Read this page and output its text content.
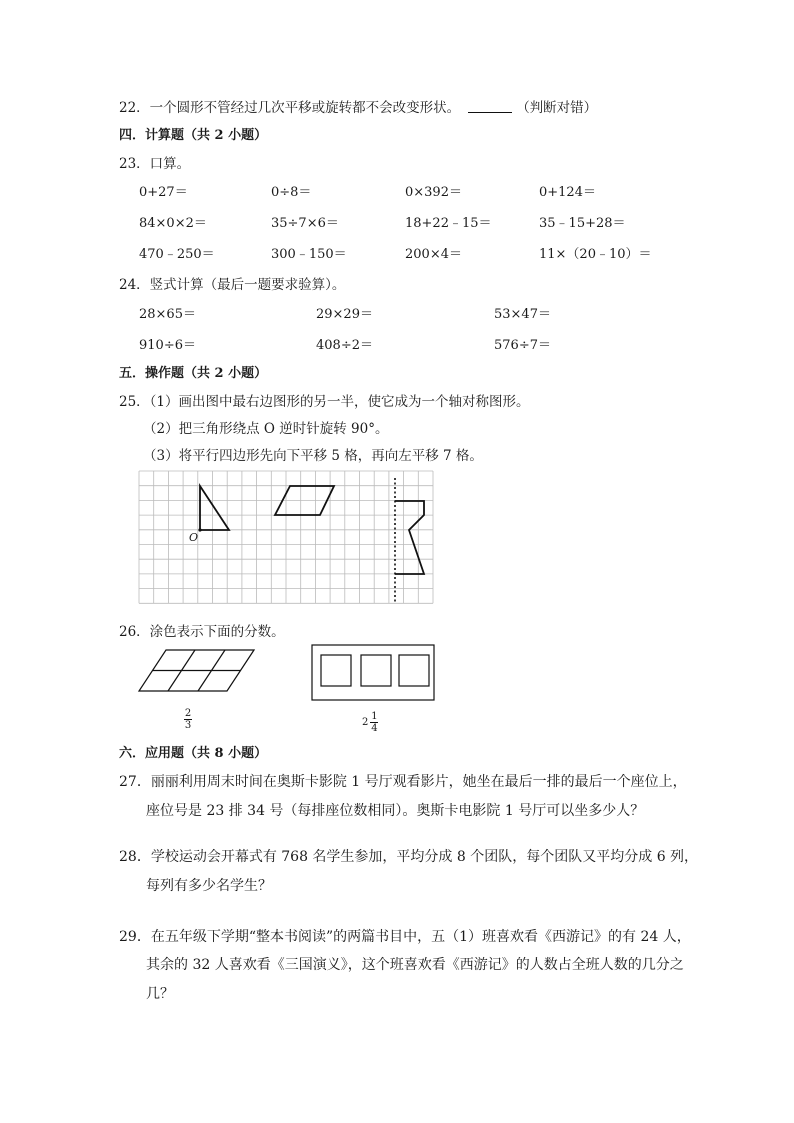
22．一个圆形不管经过几次平移或旋转都不会改变形状。	（判断对错）
四．计算题（共 2 小题）
23．口算。
0+27＝	0÷8＝	0×392＝	0+124＝
84×0×2＝	35÷7×6＝	18+22﹣15＝	35﹣15+28＝
470﹣250＝	300﹣150＝	200×4＝	11×（20﹣10）＝
24．竖式计算（最后一题要求验算）。
28×65＝	29×29＝	53×47＝
910÷6＝	408÷2＝	576÷7＝
五．操作题（共 2 小题）
25．（1）画出图中最右边图形的另一半，使它成为一个轴对称图形。
（2）把三角形绕点 O 逆时针旋转 90°。
（3）将平行四边形先向下平移 5 格，再向左平移 7 格。
O
26．涂色表示下面的分数。
2
3	2
1
4
六．应用题（共 8 小题）
27．丽丽利用周末时间在奥斯卡影院 1 号厅观看影片，她坐在最后一排的最后一个座位上，
座位号是 23 排 34 号（每排座位数相同）。奥斯卡电影院 1 号厅可以坐多少人？
28．学校运动会开幕式有 768 名学生参加，平均分成 8 个团队，每个团队又平均分成 6 列，
每列有多少名学生？
29．在五年级下学期“整本书阅读”的两篇书目中，五（1）班喜欢看《西游记》的有 24 人，
其余的 32 人喜欢看《三国演义》，这个班喜欢看《西游记》的人数占全班人数的几分之
几？
